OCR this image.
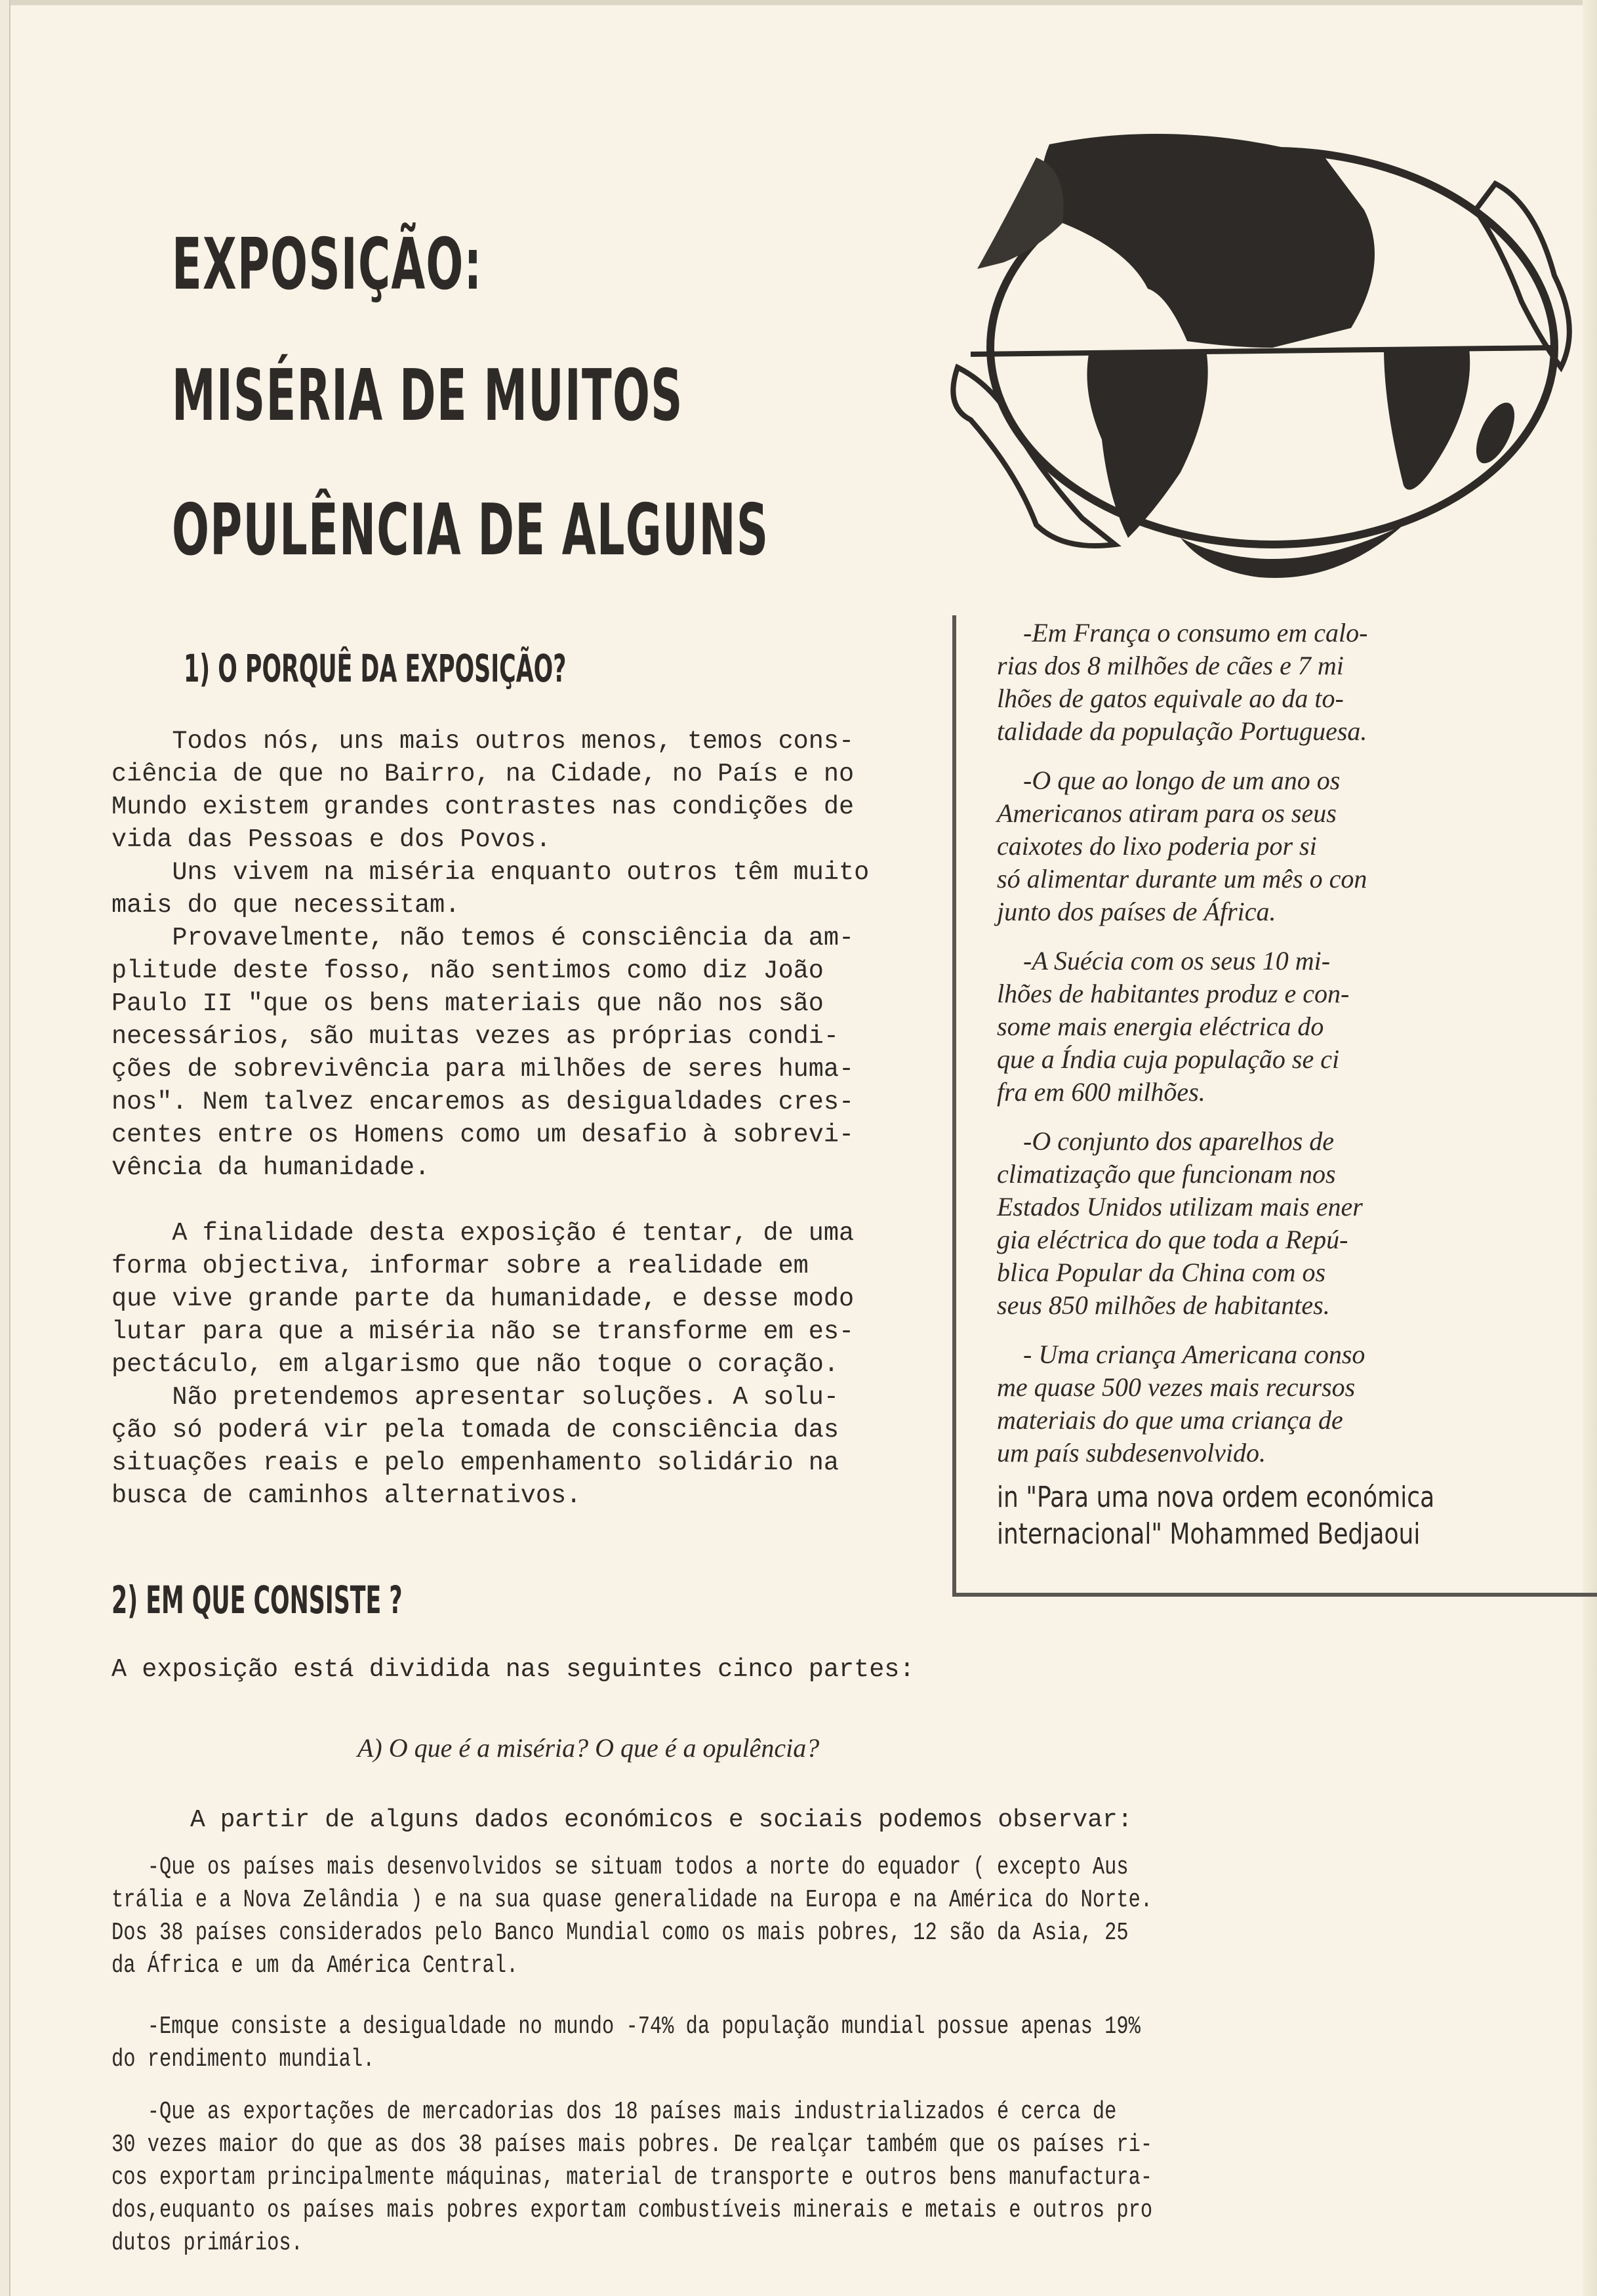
EXPOSIÇÃO:
MISÉRIA DE MUITOS
OPULÊNCIA DE ALGUNS
1) O PORQUÊ DA EXPOSIÇÃO?
Todos nós, uns mais outros menos, temos cons-
ciência de que no Bairro, na Cidade, no País e no
Mundo existem grandes contrastes nas condições de
vida das Pessoas e dos Povos.
Uns vivem na miséria enquanto outros têm muito
mais do que necessitam.
Provavelmente, não temos é consciência da am-
plitude deste fosso, não sentimos como diz João
Paulo II "que os bens materiais que não nos são
necessários, são muitas vezes as próprias condi-
ções de sobrevivência para milhões de seres huma-
nos". Nem talvez encaremos as desigualdades cres-
centes entre os Homens como um desafio à sobrevi-
vência da humanidade.

A finalidade desta exposição é tentar, de uma
forma objectiva, informar sobre a realidade em
que vive grande parte da humanidade, e desse modo
lutar para que a miséria não se transforme em es-
pectáculo, em algarismo que não toque o coração.
Não pretendemos apresentar soluções. A solu-
ção só poderá vir pela tomada de consciência das
situações reais e pelo empenhamento solidário na
busca de caminhos alternativos.
-Em França o consumo em calo-
rias dos 8 milhões de cães e 7 mi
lhões de gatos equivale ao da to-
talidade da população Portuguesa.
-O que ao longo de um ano os
Americanos atiram para os seus
caixotes do lixo poderia por si
só alimentar durante um mês o con
junto dos países de África.
-A Suécia com os seus 10 mi-
lhões de habitantes produz e con-
some mais energia eléctrica do
que a Índia cuja população se ci
fra em 600 milhões.
-O conjunto dos aparelhos de
climatização que funcionam nos
Estados Unidos utilizam mais ener
gia eléctrica do que toda a Repú-
blica Popular da China com os
seus 850 milhões de habitantes.
- Uma criança Americana conso
me quase 500 vezes mais recursos
materiais do que uma criança de
um país subdesenvolvido.
in "Para uma nova ordem económica
internacional" Mohammed Bedjaoui
2) EM QUE CONSISTE ?
A exposição está dividida nas seguintes cinco partes:
A) O que é a miséria? O que é a opulência?
A partir de alguns dados económicos e sociais podemos observar:
-Que os países mais desenvolvidos se situam todos a norte do equador ( excepto Aus
trália e a Nova Zelândia ) e na sua quase generalidade na Europa e na América do Norte.
Dos 38 países considerados pelo Banco Mundial como os mais pobres, 12 são da Asia, 25
da África e um da América Central.
-Emque consiste a desigualdade no mundo -74% da população mundial possue apenas 19%
do rendimento mundial.
-Que as exportações de mercadorias dos 18 países mais industrializados é cerca de
30 vezes maior do que as dos 38 países mais pobres. De realçar também que os países ri-
cos exportam principalmente máquinas, material de transporte e outros bens manufactura-
dos,euquanto os países mais pobres exportam combustíveis minerais e metais e outros pro
dutos primários.
